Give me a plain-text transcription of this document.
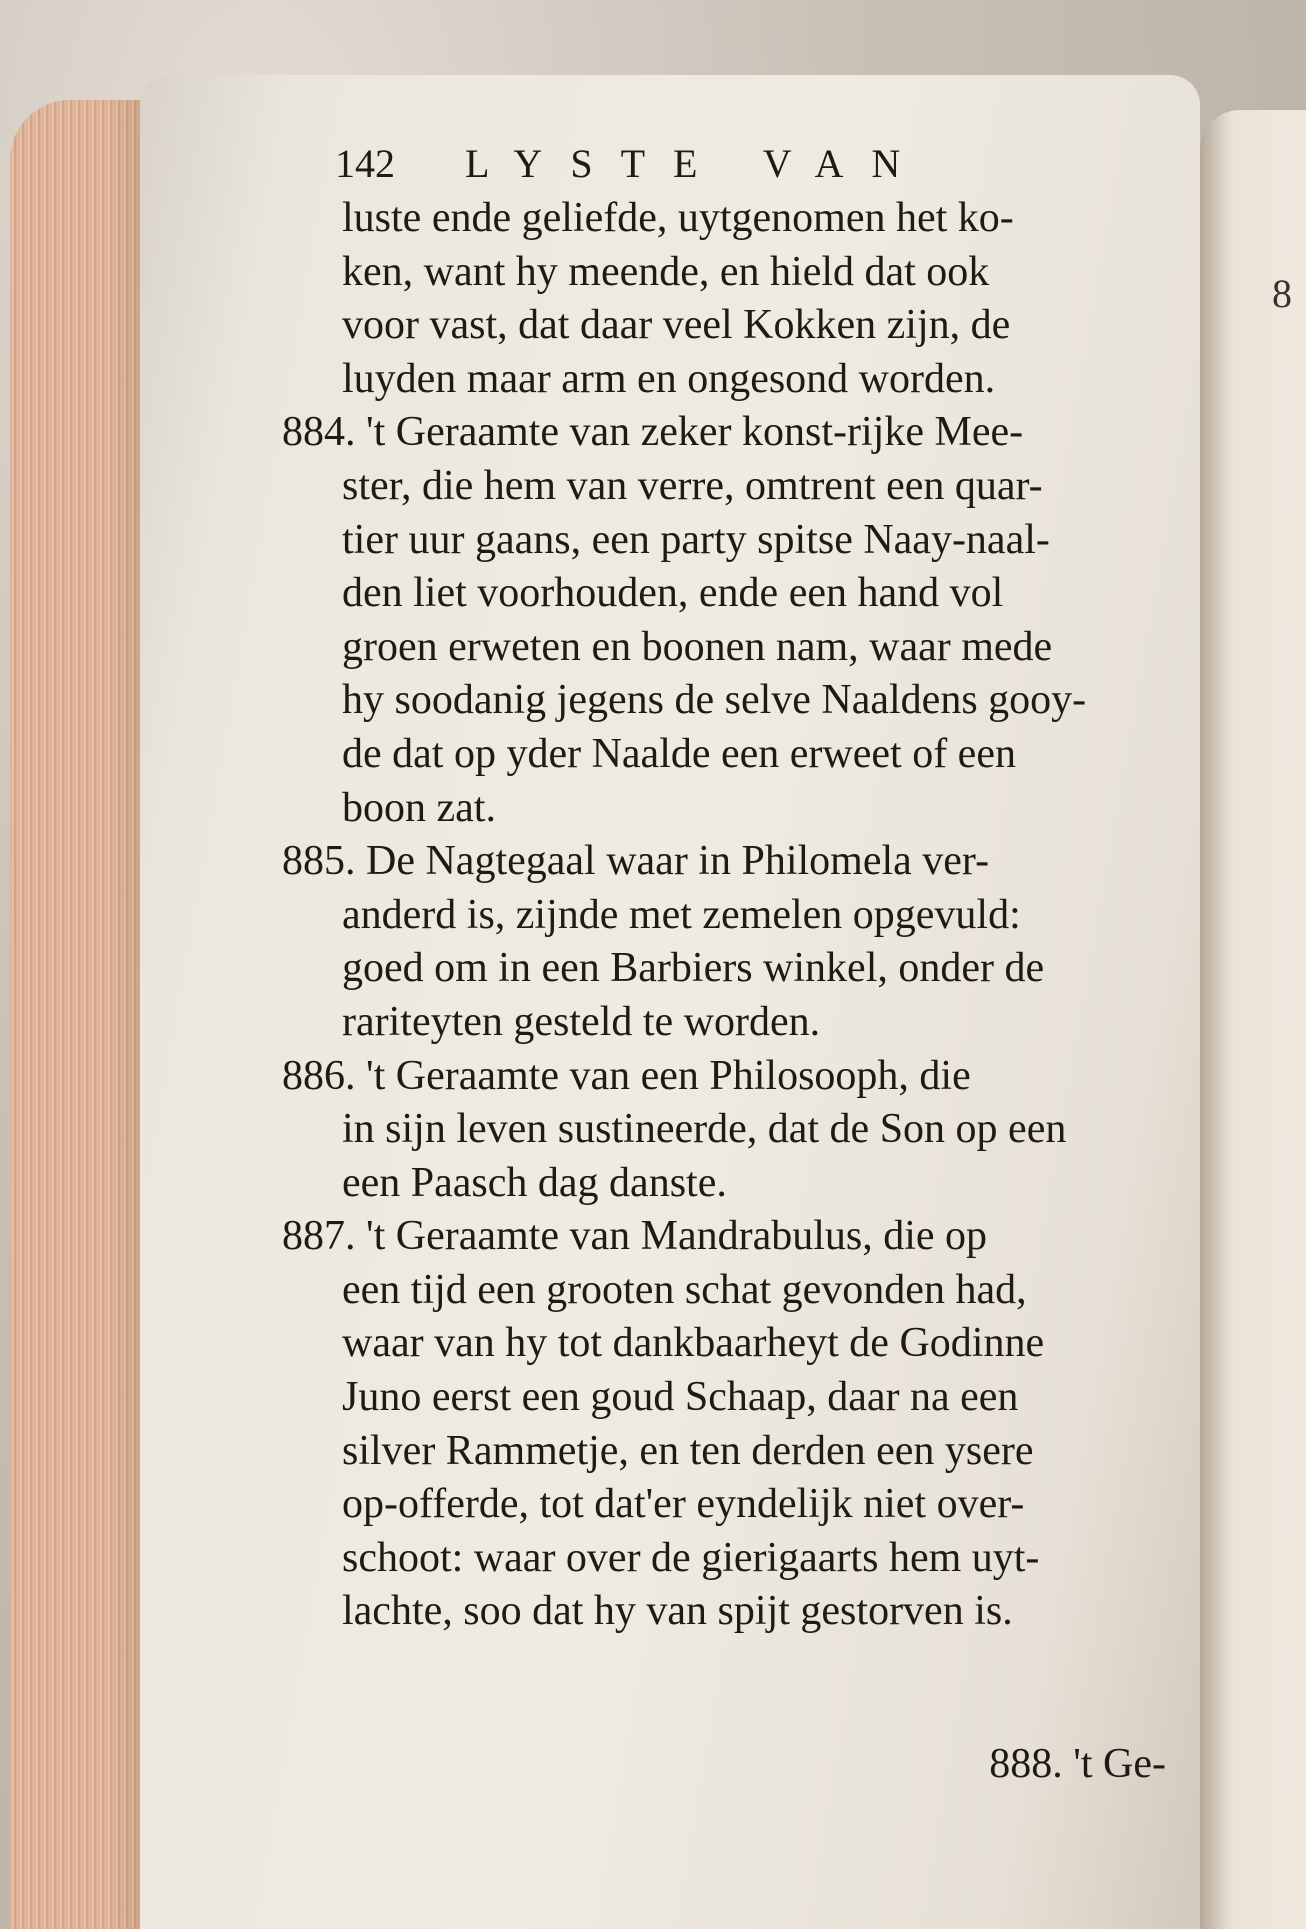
8
142 LYSTE VAN
luste ende geliefde, uytgenomen het ko-
ken, want hy meende, en hield dat ook
voor vast, dat daar veel Kokken zijn, de
luyden maar arm en ongesond worden.
884. 't Geraamte van zeker konst-rijke Mee-
ster, die hem van verre, omtrent een quar-
tier uur gaans, een party spitse Naay-naal-
den liet voorhouden, ende een hand vol
groen erweten en boonen nam, waar mede
hy soodanig jegens de selve Naaldens gooy-
de dat op yder Naalde een erweet of een
boon zat.
885. De Nagtegaal waar in Philomela ver-
anderd is, zijnde met zemelen opgevuld:
goed om in een Barbiers winkel, onder de
rariteyten gesteld te worden.
886. 't Geraamte van een Philosooph, die
in sijn leven sustineerde, dat de Son op een
een Paasch dag danste.
887. 't Geraamte van Mandrabulus, die op
een tijd een grooten schat gevonden had,
waar van hy tot dankbaarheyt de Godinne
Juno eerst een goud Schaap, daar na een
silver Rammetje, en ten derden een ysere
op-offerde, tot dat'er eyndelijk niet over-
schoot: waar over de gierigaarts hem uyt-
lachte, soo dat hy van spijt gestorven is.
888. 't Ge-
